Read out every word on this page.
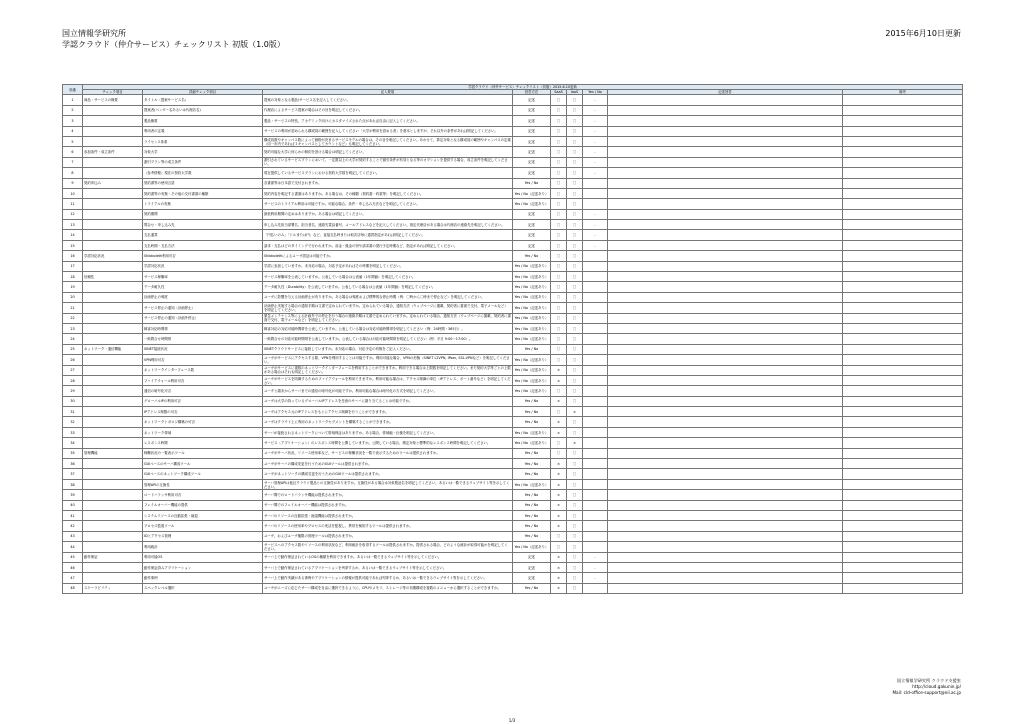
国立情報学研究所
学認クラウド（仲介サービス）チェックリスト 初版（1.0版）
2015年6月10日更新
項番	学認クラウド（仲介サービス）チェックリスト（初版）2015.6.10更新								
	チェック項目	詳細チェック項目	記入要領	回答方法	SaaS	IaaS	Yes / No	記述回答	備考
1	商品・サービスの概要	タイトル（提案サービス名）	提案の対象となる製品/サービス名を記入してください。	記述	〇	〇	-		
2		提案者(ベンダー名あるいは代理店名)	代理店によるサービス提案の場合はその旨を明記してください。	記述	〇	〇	-		
3		製品概要	製品・サービスの特長、アカデミック向けにカスタマイズされた点があれば自由に記入してください。	記述	〇	〇	-		
4		利用者の定義	サービスの利用が認められる構成員の範囲を記入してください「大学が利用を認める者」を基本としますが、それ以外の条件があれば明記してください。	記述	〇	〇	-		
5		ライセンス体系	構成員数やキャンパス数によって価格が決まるサービスモデルの場合は、その旨を明記してください。あわせて、算定対象となる構成員の範囲やキャンパスの定義（同一市内であれば１キャンパスとしてカウントなど）も明記してください。	記述	〇	〇	-		
6	参加条件・成立条件	対象大学	契約可能な大学に何らかの制約を設ける場合は明記してください。	記述	〇	〇	-		
7		割引プラン等の成立条件	割引されているサービスプランにおいて、一定数以上の大学が契約することで割引条件が有効となる等のオプションを提供する場合、成立条件を明記してください。	記述	〇	〇	-		
8		（参考情報）現在の契約大学数	現在提供しているサービスプランにおける契約大学数を明記してください。	記述	〇	〇	-		
9	契約申込み	契約書等の使用言語	各書面等は日本語で交付されますか。	Yes / No	〇	〇			
10		契約書等の有無・その他の交付書面の種類	契約内容を明記する書面はありますか。ある場合は、その種類（契約書・約款等）を明記してください。	Yes / No（記述あり）	〇	〇			
11		トライアルの有無	サービスのトライアル利用は可能ですか。可能な場合、条件・申し込み方法などを明記してください。	Yes / No（記述あり）	〇	〇			
12		契約期間	最低利用期間の定めはありますか。ある場合は明記してください。	記述	〇	〇	-		
13		問合せ・申し込み先	申し込み先担当部署名、担当者名、連絡先電話番号、メールアドレスなどを記入してください。指定代理店がある場合は代理店の連絡先を明記してください。	記述	〇	〇	-		
14		支払通貨	「円払いのみ」「ドルまたは円」など、直接支払時または取次店毎に通貨指定があれば明記してください。	記述	〇	〇	-		
15		支払時期・支払方法	請求・支払はどのタイミングで行われますか。前金・後金の別や請求書の発行予定時期など、指定があれば明記してください。	記述	〇	〇	-		
16	学認対応状況	Shibboleth利用可否	Shibbolethによるユーザ認証は可能ですか。	Yes / No	〇	〇			
17		学認対応状況	学認に参加していますか。未対応の場合、対応予定があればその時期を明記してください。	Yes / No（記述あり）	〇	〇			
18	信頼性	サービス稼働率	サービス稼働率を公表していますか。公表している場合は公表値（1年間値）を明記してください。	Yes / No（記述あり）	〇	〇			
19		データ耐久性	データ耐久性（Durability）を公表していますか。公表している場合は公表値（1年間値）を明記してください。	Yes / No（記述あり）	〇	〇			
20		計画停止の頻度	ユーザに影響を与える計画停止が有りますか。ある場合は頻度および標準的な停止時間（例：〇時から〇時まで停止など）を明記してください。	Yes / No（記述あり）	〇	〇			
21		サービス停止の通知（計画停止）	計画停止実施する場合の通知手順は文書で定められていますか。定められている場合、通知方法（ウェブページに掲載、契約者に書面で交付、電子メールなど）を明記してください。	Yes / No（記述あり）	〇	〇			
22		サービス停止の通知（計画外停止）	緊急メンテナンス等による計画外での停止を行う場合の連絡手順は文書で定められていますか。定められている場合、通知方法（ウェブページに掲載、契約者に書面で交付、電子メールなど）を明記してください。	Yes / No（記述あり）	〇	〇			
23		障害対応時間帯	障害対応の対応可能時間帯を公表していますか。公表している場合は対応可能時間帯を明記してください（例：24時間・365日）。	Yes / No（記述あり）	〇	〇			
24		一般問合せ時間帯	一般問合せの対応可能時間帯を公表していますか。公表している場合は対応可能時間帯を明記してください（例：平日 9:00〜17:00）。	Yes / No（記述あり）	〇	〇			
25	ネットワーク・通信機能	SINET接続状況	SINETクラウドサービスに接続していますか。未対応の場合、対応予定の有無をご記入ください。	Yes / No	〇	〇			
26		VPN利用可否	ユーザがサービスにアクセスする際、VPNを利用することは可能ですか。利用可能な場合、VPNの形態（SINET L2VPN, IPsec, SSL-VPNなど）を明記してください。	Yes / No（記述あり）	〇	〇			
27		ネットワークインターフェース数	ユーザがサービスに複数のネットワークインターフェースを利用することができますか。利用できる場合は上限数を明記してください。また契約大学等ごとの上限がある場合はそれも明記してください。	Yes / No（記述あり）	×	〇			
28		ファイアウォール利用可否	ユーザがサービスを防御するためのファイアウォールを利用できますか。利用可能な場合は、アクセス制御の単位（IPアドレス、ポート番号など）を明記してください。	Yes / No（記述あり）	×	〇			
29		通信の暗号化可否	ユーザと端末からサーバまでの通信の暗号化が可能ですか。利用可能な場合は暗号化の方式を明記してください。	Yes / No（記述あり）	〇	〇			
30		グローバルIPの利用可否	ユーザは大学の持っているグローバルIPアドレスを任意のサーバに割り当てることは可能ですか。	Yes / No	×	〇			
31		IPアドレス制限の可否	ユーザはアクセス元のIPアドレスをもとにアクセス制御を行うことができますか。	Yes / No	〇	×			
32		ネットワークトポロジ構築の可否	ユーザはクラウド上に専用のネットワークセグメントを構築することができますか。	Yes / No	×	〇			
33		ネットワーク帯域	サーバが接続されるネットワークについて帯域保証はありますか。ある場合、帯域幅・仕様を明記してください。	Yes / No（記述あり）	×	〇			
34		レスポンス時間	サービス（アプリケーション）のレスポンス時間を公開していますか。公開している場合、測定対象と標準的なレスポンス時間を明記してください。	Yes / No（記述あり）	〇	×			
35	管理機能	稼働状況の一覧表示ツール	ユーザがサーバ状況、リソース使用率など、サービスの稼働状況を一覧で表示するためのツールは提供されますか。	Yes / No	〇	〇			
36		GUIベースのサーバ構成ツール	ユーザがサーバの構成変更を行うためのGUIツールは提供されますか。	Yes / No	×	〇			
37		GUIベースのネットワーク構成ツール	ユーザがネットワークの構成変更を行うためのGUIツールは提供されますか。	Yes / No	×	〇			
38		管理APIの互換性	サーバ管理APIは他社クラウド製品との互換性がありますか。互換性がある場合は対象製品名を明記してください。あるいは一覧できるウェブサイト等を示してください。	Yes / No（記述あり）	×	〇			
39		ロードバランサ利用可否	サーバ間でのロードバランサ機能は提供されますか。	Yes / No	×	〇			
40		フェイルオーバー機能の提供	サーバ間でのフェイルオーバー機能は提供されますか。	Yes / No	×	〇			
41		システムリソースの自動拡張・縮退	サーバのリソースの自動拡張・縮退機能は提供されますか。	Yes / No	×	〇			
42		プロセス監視ツール	サーバのリソースの使用率やプロセスの死活を監視し、異常を検知するツールは提供されますか。	Yes / No	×	〇			
43		IDとアクセス管理	ユーザ、およびユーザ権限の管理ツールは提供されますか。	Yes / No	〇	〇			
44		利用統計	サービスへのアクセス数やリソースの利用状況など、利用統計を取得するツールは提供されますか。提供される場合、どのような統計が取得可能かを明記してください。	Yes / No（記述あり）	〇	〇			
45	動作保証	利用可能OS	サーバ上で動作保証されているOSの種類を利用できますか。あるいは一覧できるウェブサイト等を示してください。	記述	×	〇	-		
46		動作保証済みアプリケーション	サーバ上で動作保証されているアプリケーションを列挙するか、あるいは一覧できるウェブサイト等を示してください。	記述	×	〇	-		
47		動作事例	サーバ上で動作実績がある事例やアプリケーションの情報が提供可能であれば列挙するか、あるいは一覧できるウェブサイト等を示してください。	記述	×	〇	-		
48	スケーラビリティ	スペックレベル選択	ユーザがニーズに応じたサーバ構成を自由に選択できるように、CPUやメモリ、ストレージ等の初期構成を複数のメニューから選択することができますか。	Yes / No	×	〇			
国立情報学研究所 クラウド支援室
http://cloud.gakunin.jp/
Mail: cld-office-support@nii.ac.jp
1/3
